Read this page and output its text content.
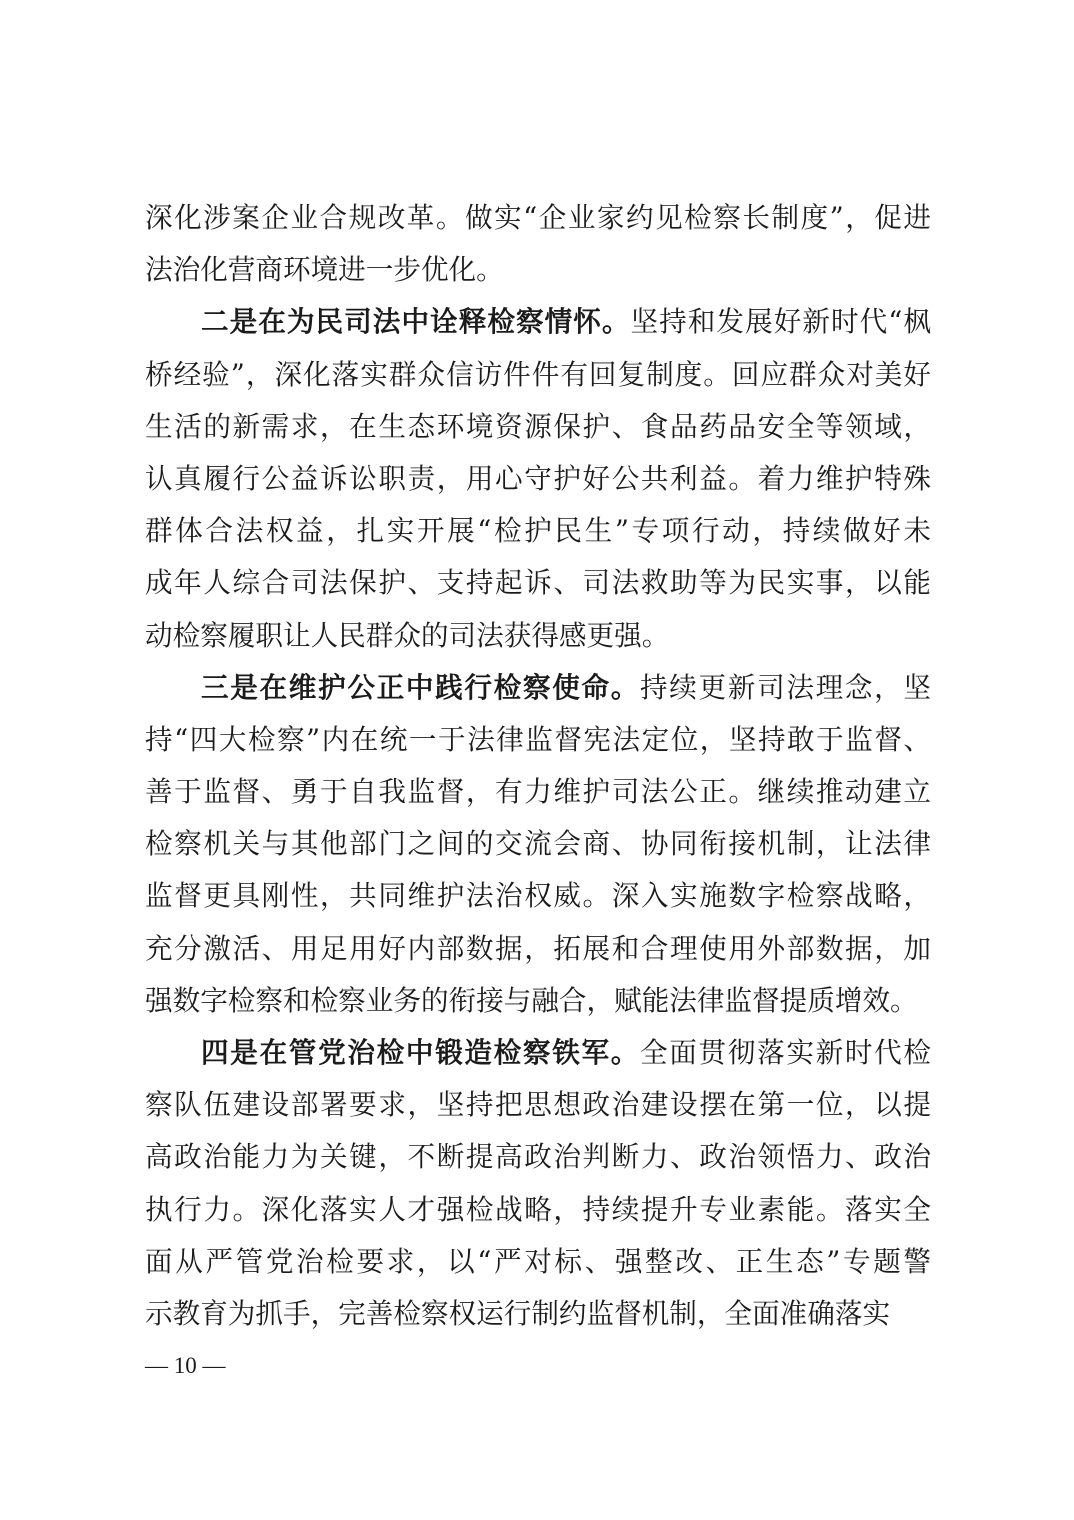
深化涉案企业合规改革。做实“企业家约见检察长制度”，促进
法治化营商环境进一步优化。
二是在为民司法中诠释检察情怀。坚持和发展好新时代“枫
桥经验”，深化落实群众信访件件有回复制度。回应群众对美好
生活的新需求，在生态环境资源保护、食品药品安全等领域，
认真履行公益诉讼职责，用心守护好公共利益。着力维护特殊
群体合法权益，扎实开展“检护民生”专项行动，持续做好未
成年人综合司法保护、支持起诉、司法救助等为民实事，以能
动检察履职让人民群众的司法获得感更强。
三是在维护公正中践行检察使命。持续更新司法理念，坚
持“四大检察”内在统一于法律监督宪法定位，坚持敢于监督、
善于监督、勇于自我监督，有力维护司法公正。继续推动建立
检察机关与其他部门之间的交流会商、协同衔接机制，让法律
监督更具刚性，共同维护法治权威。深入实施数字检察战略，
充分激活、用足用好内部数据，拓展和合理使用外部数据，加
强数字检察和检察业务的衔接与融合，赋能法律监督提质增效。
四是在管党治检中锻造检察铁军。全面贯彻落实新时代检
察队伍建设部署要求，坚持把思想政治建设摆在第一位，以提
高政治能力为关键，不断提高政治判断力、政治领悟力、政治
执行力。深化落实人才强检战略，持续提升专业素能。落实全
面从严管党治检要求，以“严对标、强整改、正生态”专题警
示教育为抓手，完善检察权运行制约监督机制，全面准确落实
— 10 —
